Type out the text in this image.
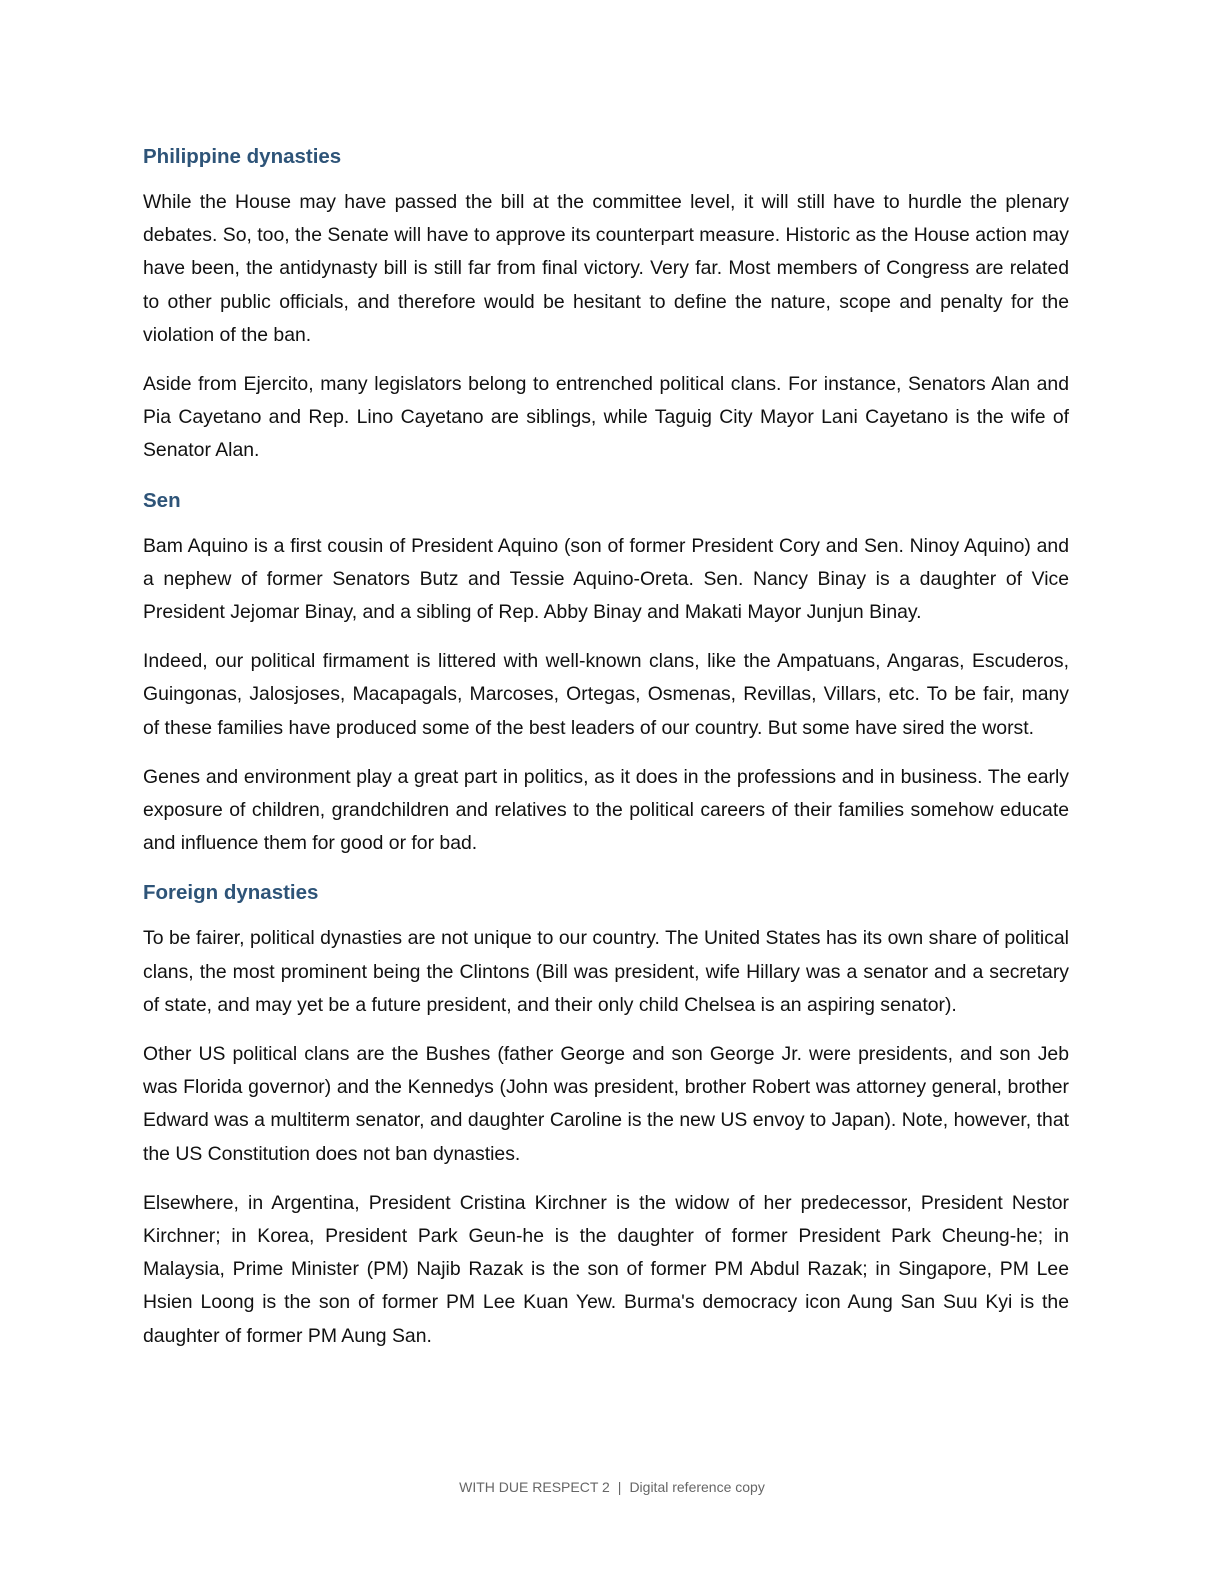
Philippine dynasties

While the House may have passed the bill at the committee level, it will still have to hurdle the plenary debates. So, too, the Senate will have to approve its counterpart measure. Historic as the House action may have been, the antidynasty bill is still far from final victory. Very far. Most members of Congress are related to other public officials, and therefore would be hesitant to define the nature, scope and penalty for the violation of the ban.

Aside from Ejercito, many legislators belong to entrenched political clans. For instance, Senators Alan and Pia Cayetano and Rep. Lino Cayetano are siblings, while Taguig City Mayor Lani Cayetano is the wife of Senator Alan.

Sen

Bam Aquino is a first cousin of President Aquino (son of former President Cory and Sen. Ninoy Aquino) and a nephew of former Senators Butz and Tessie Aquino-Oreta. Sen. Nancy Binay is a daughter of Vice President Jejomar Binay, and a sibling of Rep. Abby Binay and Makati Mayor Junjun Binay.

Indeed, our political firmament is littered with well-known clans, like the Ampatuans, Angaras, Escuderos, Guingonas, Jalosjoses, Macapagals, Marcoses, Ortegas, Osmenas, Revillas, Villars, etc. To be fair, many of these families have produced some of the best leaders of our country. But some have sired the worst.

Genes and environment play a great part in politics, as it does in the professions and in business. The early exposure of children, grandchildren and relatives to the political careers of their families somehow educate and influence them for good or for bad.

Foreign dynasties

To be fairer, political dynasties are not unique to our country. The United States has its own share of political clans, the most prominent being the Clintons (Bill was president, wife Hillary was a senator and a secretary of state, and may yet be a future president, and their only child Chelsea is an aspiring senator).

Other US political clans are the Bushes (father George and son George Jr. were presidents, and son Jeb was Florida governor) and the Kennedys (John was president, brother Robert was attorney general, brother Edward was a multiterm senator, and daughter Caroline is the new US envoy to Japan). Note, however, that the US Constitution does not ban dynasties.

Elsewhere, in Argentina, President Cristina Kirchner is the widow of her predecessor, President Nestor Kirchner; in Korea, President Park Geun-he is the daughter of former President Park Cheung-he; in Malaysia, Prime Minister (PM) Najib Razak is the son of former PM Abdul Razak; in Singapore, PM Lee Hsien Loong is the son of former PM Lee Kuan Yew. Burma's democracy icon Aung San Suu Kyi is the daughter of former PM Aung San.

WITH DUE RESPECT 2 | Digital reference copy
